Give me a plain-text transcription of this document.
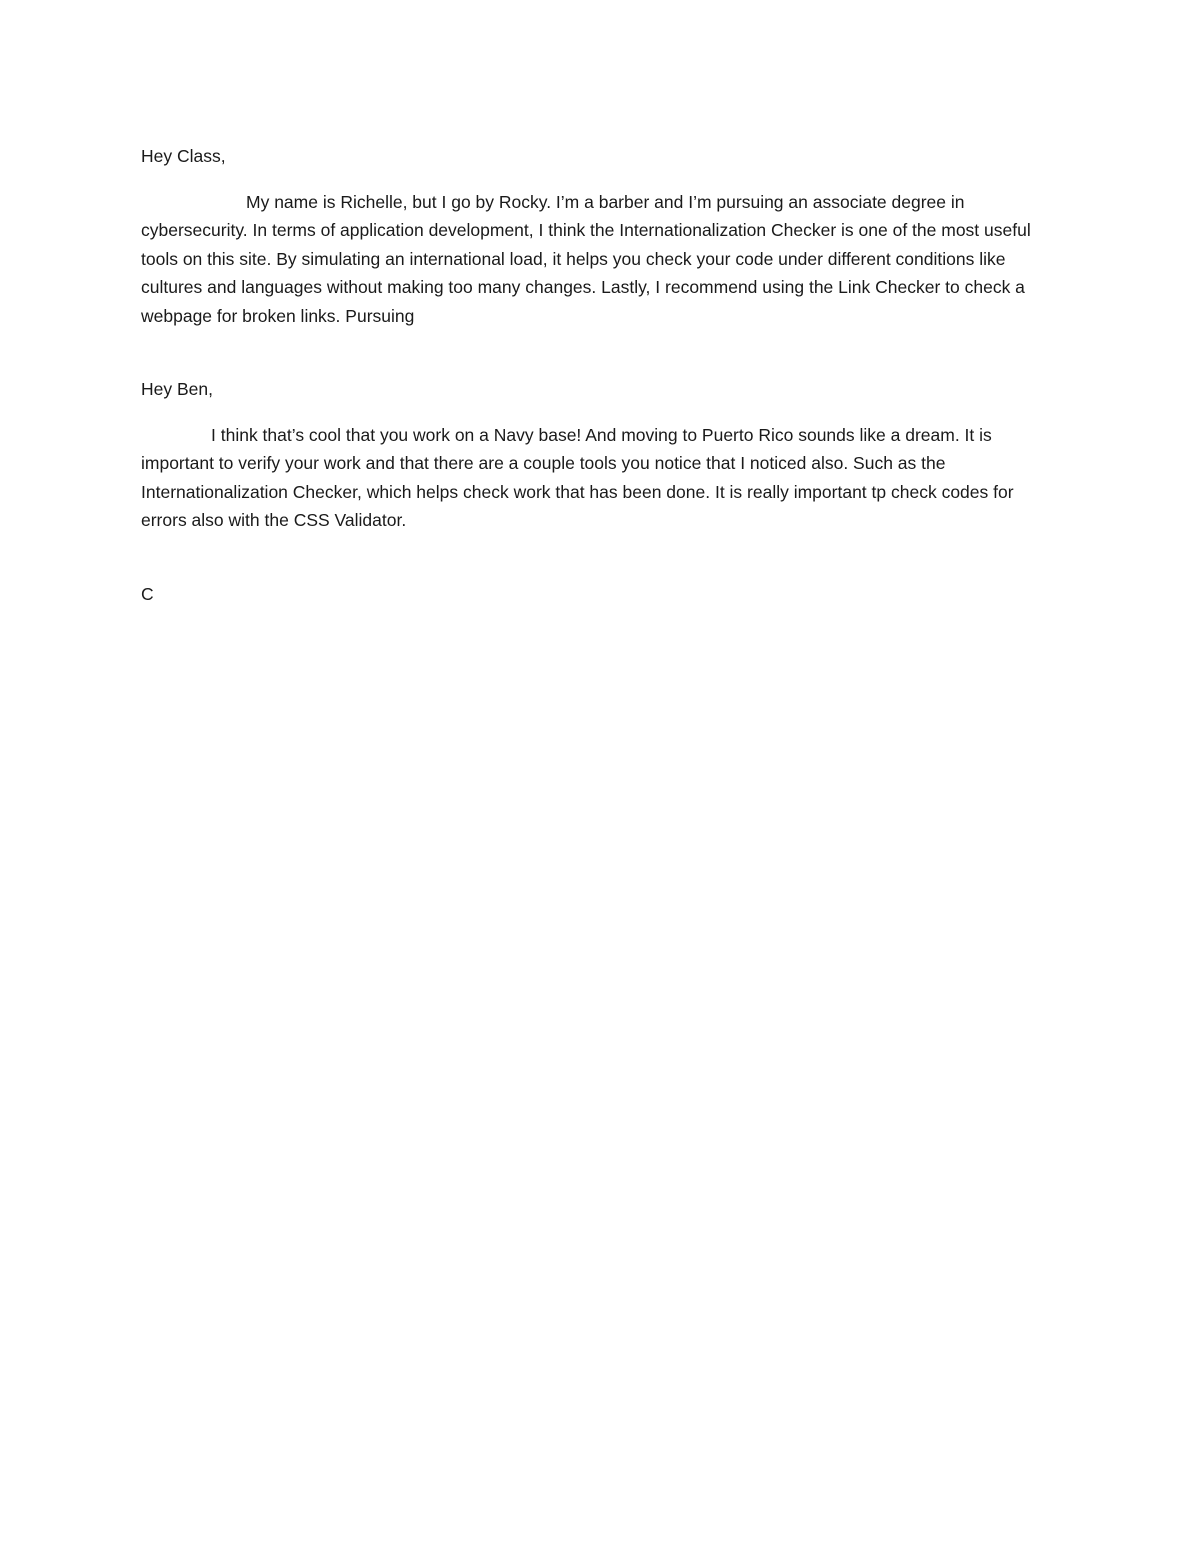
Hey Class,

My name is Richelle, but I go by Rocky. I’m a barber and I’m pursuing an associate degree in cybersecurity. In terms of application development, I think the Internationalization Checker is one of the most useful tools on this site. By simulating an international load, it helps you check your code under different conditions like cultures and languages without making too many changes. Lastly, I recommend using the Link Checker to check a webpage for broken links. Pursuing

Hey Ben,

I think that’s cool that you work on a Navy base! And moving to Puerto Rico sounds like a dream. It is important to verify your work and that there are a couple tools you notice that I noticed also. Such as the Internationalization Checker, which helps check work that has been done. It is really important tp check codes for errors also with the CSS Validator.

C
